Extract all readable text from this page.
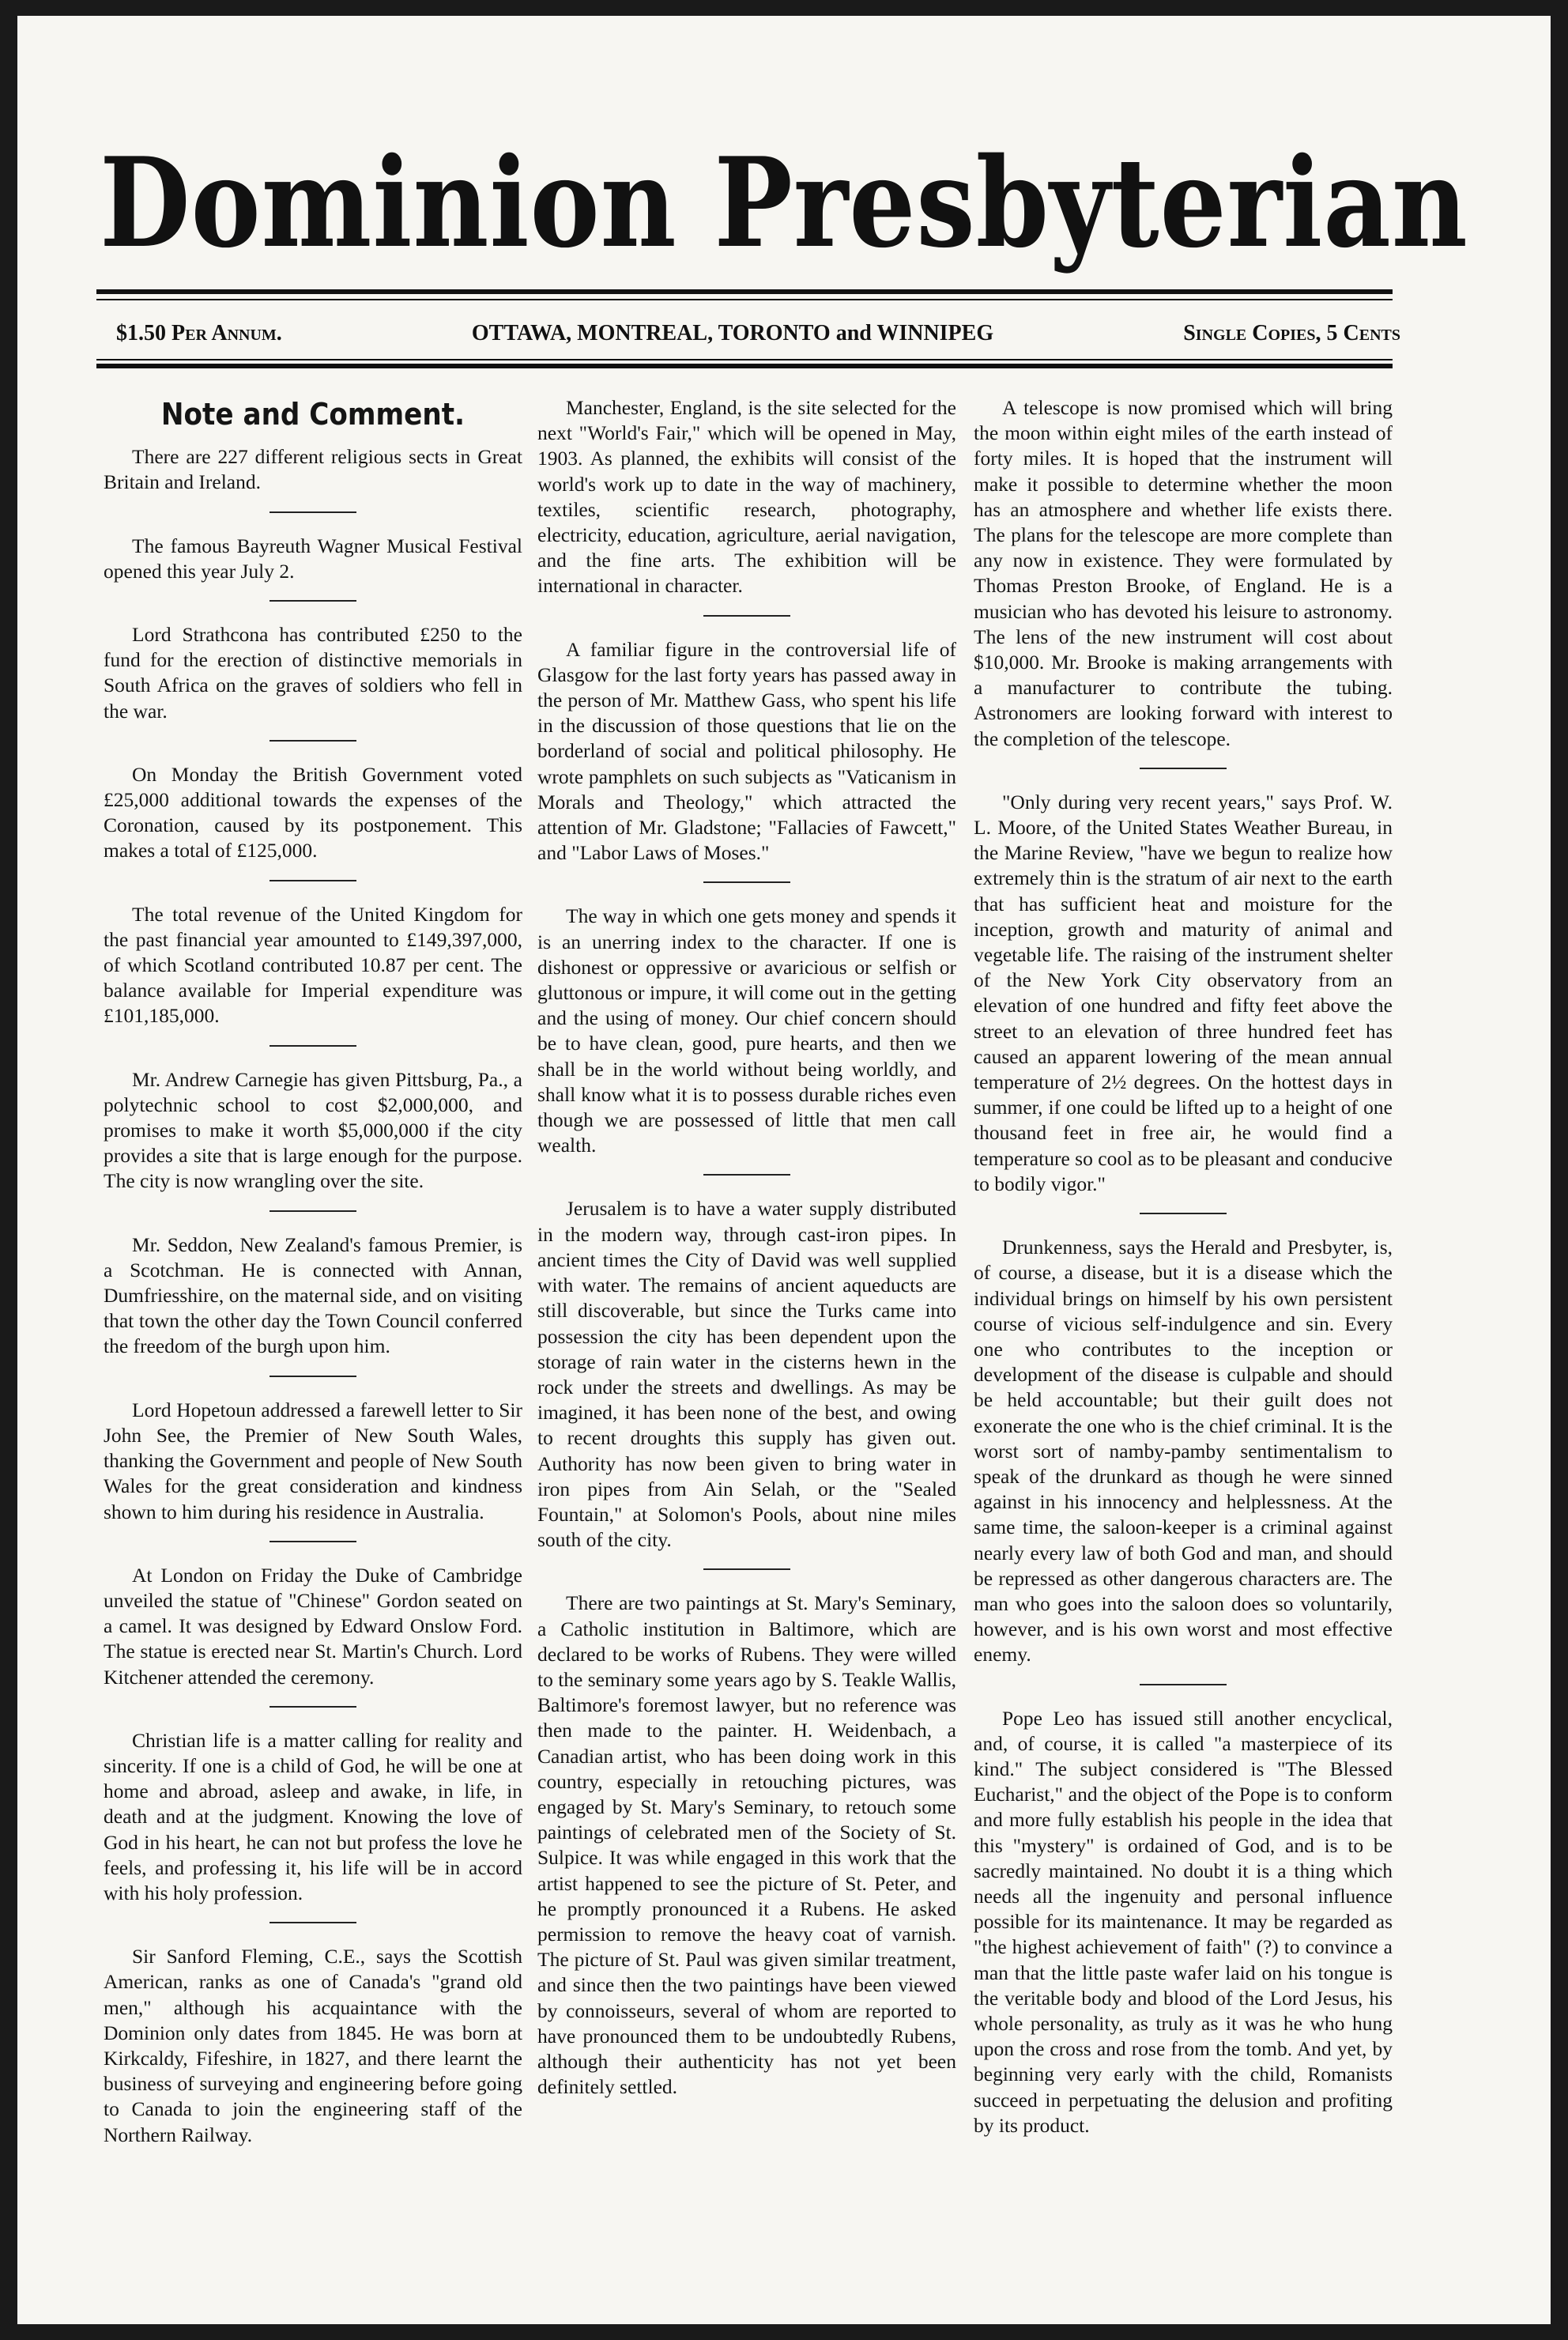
Dominion Presbyterian
$1.50 Per Annum.	OTTAWA, MONTREAL, TORONTO and WINNIPEG	Single Copies, 5 Cents
Note and Comment.

There are 227 different religious sects in Great Britain and Ireland.

The famous Bayreuth Wagner Musical Festival opened this year July 2.

Lord Strathcona has contributed £250 to the fund for the erection of distinctive memorials in South Africa on the graves of soldiers who fell in the war.

On Monday the British Government voted £25,000 additional towards the expenses of the Coronation, caused by its postponement. This makes a total of £125,000.

The total revenue of the United Kingdom for the past financial year amounted to £149,397,000, of which Scotland contributed 10.87 per cent. The balance available for Imperial expenditure was £101,185,000.

Mr. Andrew Carnegie has given Pittsburg, Pa., a polytechnic school to cost $2,000,000, and promises to make it worth $5,000,000 if the city provides a site that is large enough for the purpose. The city is now wrangling over the site.

Mr. Seddon, New Zealand's famous Premier, is a Scotchman. He is connected with Annan, Dumfriesshire, on the maternal side, and on visiting that town the other day the Town Council conferred the freedom of the burgh upon him.

Lord Hopetoun addressed a farewell letter to Sir John See, the Premier of New South Wales, thanking the Government and people of New South Wales for the great consideration and kindness shown to him during his residence in Australia.

At London on Friday the Duke of Cambridge unveiled the statue of "Chinese" Gordon seated on a camel. It was designed by Edward Onslow Ford. The statue is erected near St. Martin's Church. Lord Kitchener attended the ceremony.

Christian life is a matter calling for reality and sincerity. If one is a child of God, he will be one at home and abroad, asleep and awake, in life, in death and at the judgment. Knowing the love of God in his heart, he can not but profess the love he feels, and professing it, his life will be in accord with his holy profession.

Sir Sanford Fleming, C.E., says the Scottish American, ranks as one of Canada's "grand old men," although his acquaintance with the Dominion only dates from 1845. He was born at Kirkcaldy, Fifeshire, in 1827, and there learnt the business of surveying and engineering before going to Canada to join the engineering staff of the Northern Railway.

Manchester, England, is the site selected for the next "World's Fair," which will be opened in May, 1903. As planned, the exhibits will consist of the world's work up to date in the way of machinery, textiles, scientific research, photography, electricity, education, agriculture, aerial navigation, and the fine arts. The exhibition will be international in character.

A familiar figure in the controversial life of Glasgow for the last forty years has passed away in the person of Mr. Matthew Gass, who spent his life in the discussion of those questions that lie on the borderland of social and political philosophy. He wrote pamphlets on such subjects as "Vaticanism in Morals and Theology," which attracted the attention of Mr. Gladstone; "Fallacies of Fawcett," and "Labor Laws of Moses."

The way in which one gets money and spends it is an unerring index to the character. If one is dishonest or oppressive or avaricious or selfish or gluttonous or impure, it will come out in the getting and the using of money. Our chief concern should be to have clean, good, pure hearts, and then we shall be in the world without being worldly, and shall know what it is to possess durable riches even though we are possessed of little that men call wealth.

Jerusalem is to have a water supply distributed in the modern way, through cast-iron pipes. In ancient times the City of David was well supplied with water. The remains of ancient aqueducts are still discoverable, but since the Turks came into possession the city has been dependent upon the storage of rain water in the cisterns hewn in the rock under the streets and dwellings. As may be imagined, it has been none of the best, and owing to recent droughts this supply has given out. Authority has now been given to bring water in iron pipes from Ain Selah, or the "Sealed Fountain," at Solomon's Pools, about nine miles south of the city.

There are two paintings at St. Mary's Seminary, a Catholic institution in Baltimore, which are declared to be works of Rubens. They were willed to the seminary some years ago by S. Teakle Wallis, Baltimore's foremost lawyer, but no reference was then made to the painter. H. Weidenbach, a Canadian artist, who has been doing work in this country, especially in retouching pictures, was engaged by St. Mary's Seminary, to retouch some paintings of celebrated men of the Society of St. Sulpice. It was while engaged in this work that the artist happened to see the picture of St. Peter, and he promptly pronounced it a Rubens. He asked permission to remove the heavy coat of varnish. The picture of St. Paul was given similar treatment, and since then the two paintings have been viewed by connoisseurs, several of whom are reported to have pronounced them to be undoubtedly Rubens, although their authenticity has not yet been definitely settled.

A telescope is now promised which will bring the moon within eight miles of the earth instead of forty miles. It is hoped that the instrument will make it possible to determine whether the moon has an atmosphere and whether life exists there. The plans for the telescope are more complete than any now in existence. They were formulated by Thomas Preston Brooke, of England. He is a musician who has devoted his leisure to astronomy. The lens of the new instrument will cost about $10,000. Mr. Brooke is making arrangements with a manufacturer to contribute the tubing. Astronomers are looking forward with interest to the completion of the telescope.

"Only during very recent years," says Prof. W. L. Moore, of the United States Weather Bureau, in the Marine Review, "have we begun to realize how extremely thin is the stratum of air next to the earth that has sufficient heat and moisture for the inception, growth and maturity of animal and vegetable life. The raising of the instrument shelter of the New York City observatory from an elevation of one hundred and fifty feet above the street to an elevation of three hundred feet has caused an apparent lowering of the mean annual temperature of 2½ degrees. On the hottest days in summer, if one could be lifted up to a height of one thousand feet in free air, he would find a temperature so cool as to be pleasant and conducive to bodily vigor."

Drunkenness, says the Herald and Presbyter, is, of course, a disease, but it is a disease which the individual brings on himself by his own persistent course of vicious self-indulgence and sin. Every one who contributes to the inception or development of the disease is culpable and should be held accountable; but their guilt does not exonerate the one who is the chief criminal. It is the worst sort of namby-pamby sentimentalism to speak of the drunkard as though he were sinned against in his innocency and helplessness. At the same time, the saloon-keeper is a criminal against nearly every law of both God and man, and should be repressed as other dangerous characters are. The man who goes into the saloon does so voluntarily, however, and is his own worst and most effective enemy.

Pope Leo has issued still another encyclical, and, of course, it is called "a masterpiece of its kind." The subject considered is "The Blessed Eucharist," and the object of the Pope is to conform and more fully establish his people in the idea that this "mystery" is ordained of God, and is to be sacredly maintained. No doubt it is a thing which needs all the ingenuity and personal influence possible for its maintenance. It may be regarded as "the highest achievement of faith" (?) to convince a man that the little paste wafer laid on his tongue is the veritable body and blood of the Lord Jesus, his whole personality, as truly as it was he who hung upon the cross and rose from the tomb. And yet, by beginning very early with the child, Romanists succeed in perpetuating the delusion and profiting by its product.
